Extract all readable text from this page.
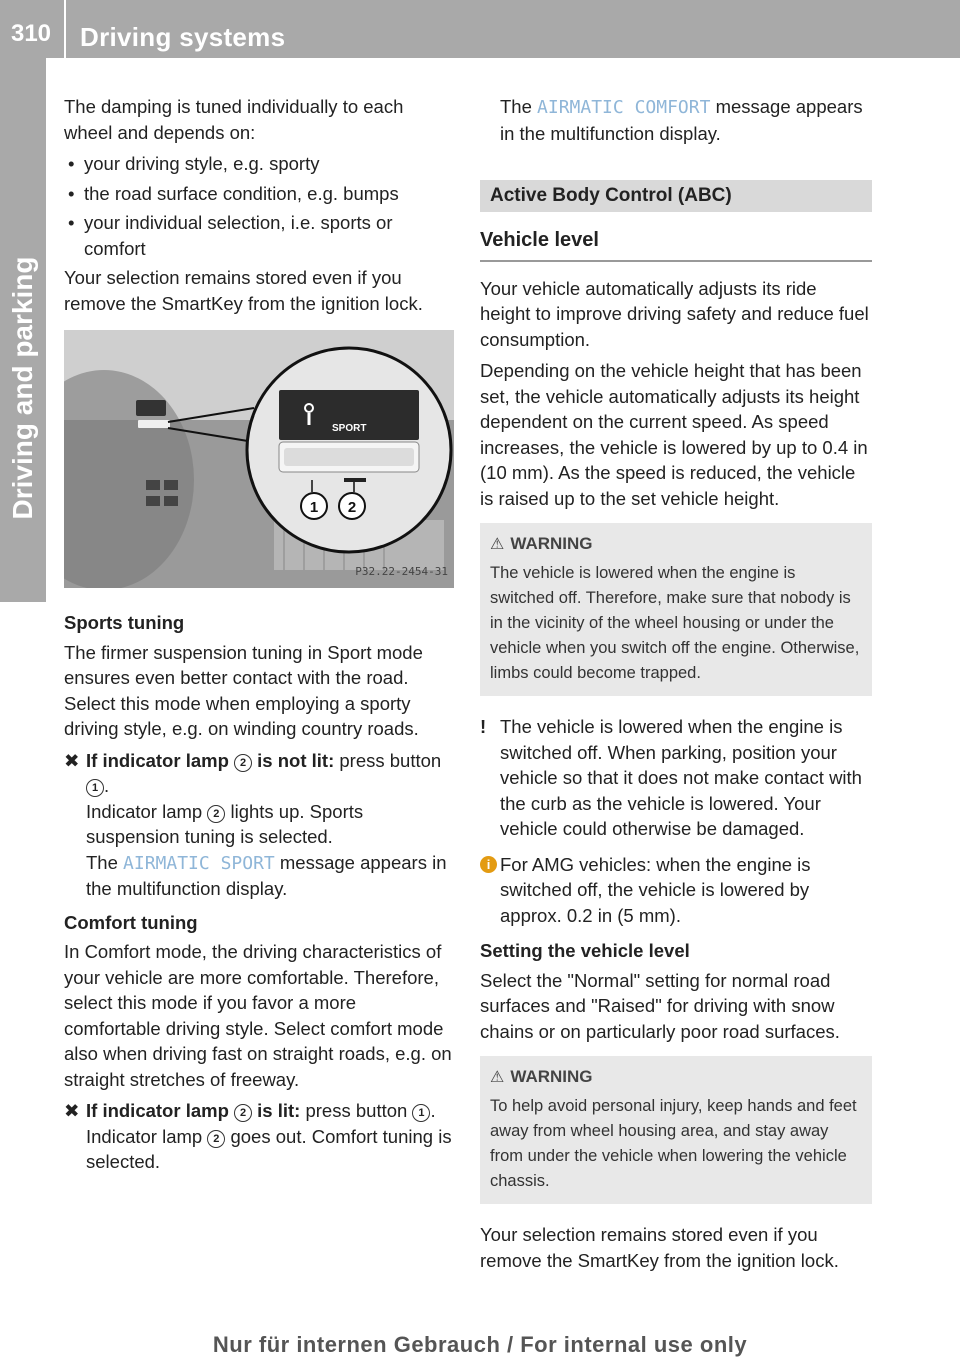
310	Driving systems
Driving and parking

The damping is tuned individually to each wheel and depends on:

• your driving style, e.g. sporty
• the road surface condition, e.g. bumps
• your individual selection, i.e. sports or comfort

Your selection remains stored even if you remove the SmartKey from the ignition lock.

SPORT
1 2
P32.22-2454-31
Sports tuning

The firmer suspension tuning in Sport mode ensures even better contact with the road. Select this mode when employing a sporty driving style, e.g. on winding country roads.

✖ If indicator lamp 2 is not lit: press button 1 .
Indicator lamp 2 lights up. Sports suspension tuning is selected.
The AIRMATIC SPORT message appears in the multifunction display.
Comfort tuning

In Comfort mode, the driving characteristics of your vehicle are more comfortable. Therefore, select this mode if you favor a more comfortable driving style. Select comfort mode also when driving fast on straight roads, e.g. on straight stretches of freeway.

✖ If indicator lamp 2 is lit: press button 1 .
Indicator lamp 2 goes out. Comfort tuning is selected.

The AIRMATIC COMFORT message appears in the multifunction display.

Active Body Control (ABC)
Vehicle level

Your vehicle automatically adjusts its ride height to improve driving safety and reduce fuel consumption.

Depending on the vehicle height that has been set, the vehicle automatically adjusts its height dependent on the current speed. As speed increases, the vehicle is lowered by up to 0.4 in (10 mm). As the speed is reduced, the vehicle is raised up to the set vehicle height.

⚠ WARNING
The vehicle is lowered when the engine is switched off. Therefore, make sure that nobody is in the vicinity of the wheel housing or under the vehicle when you switch off the engine. Otherwise, limbs could become trapped.
! The vehicle is lowered when the engine is switched off. When parking, position your vehicle so that it does not make contact with the curb as the vehicle is lowered. Your vehicle could otherwise be damaged.
i For AMG vehicles: when the engine is switched off, the vehicle is lowered by approx. 0.2 in (5 mm).
Setting the vehicle level

Select the "Normal" setting for normal road surfaces and "Raised" for driving with snow chains or on particularly poor road surfaces.

⚠ WARNING
To help avoid personal injury, keep hands and feet away from wheel housing area, and stay away from under the vehicle when lowering the vehicle chassis.

Your selection remains stored even if you remove the SmartKey from the ignition lock.

Nur für internen Gebrauch / For internal use only
